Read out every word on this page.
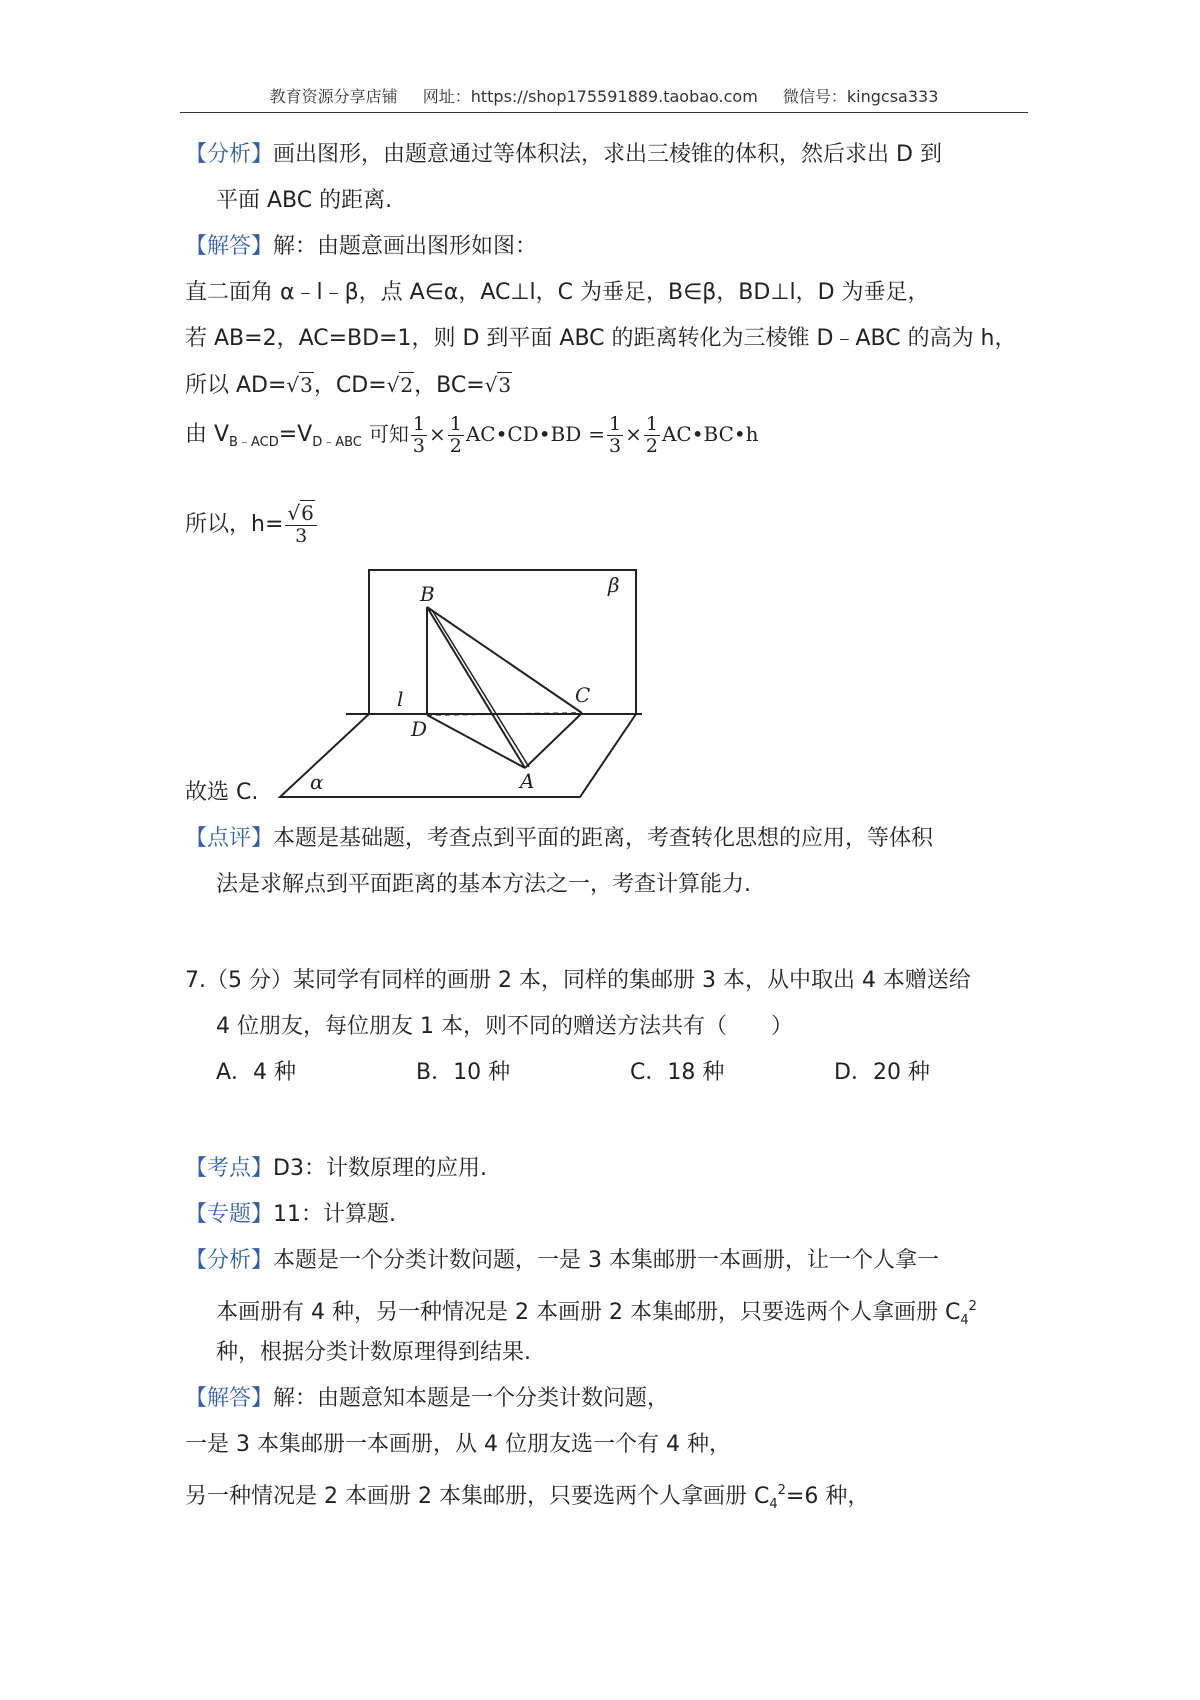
教育资源分享店铺 网址：https://shop175591889.taobao.com 微信号：kingcsa333
【分析】画出图形，由题意通过等体积法，求出三棱锥的体积，然后求出 D 到
平面 ABC 的距离.
【解答】解：由题意画出图形如图：
直二面角 α﹣l﹣β，点 A∈α，AC⊥l，C 为垂足，B∈β，BD⊥l，D 为垂足，
若 AB=2，AC=BD=1，则 D 到平面 ABC 的距离转化为三棱锥 D﹣ABC 的高为 h，
所以 AD=√3，CD=√2，BC=√3
由 $V_{B﹣ACD}=V_{D﹣ABC}$ 可知 $\frac{1}{3} \times \frac{1}{2}$ AC•CD•BD = $\frac{1}{3} \times \frac{1}{2}$ AC•BC•h
所以，$h= \frac{√6}{3}$
B	β
l	C
D
A
α
故选 C.
【点评】本题是基础题，考查点到平面的距离，考查转化思想的应用，等体积
法是求解点到平面距离的基本方法之一，考查计算能力.
7.（5 分）某同学有同样的画册 2 本，同样的集邮册 3 本，从中取出 4 本赠送给
4 位朋友，每位朋友 1 本，则不同的赠送方法共有（　　）
A．4 种	B．10 种	C．18 种	D．20 种
【考点】D3：计数原理的应用.
【专题】11：计算题.
【分析】本题是一个分类计数问题，一是 3 本集邮册一本画册，让一个人拿一
本画册有 4 种，另一种情况是 2 本画册 2 本集邮册，只要选两个人拿画册 $C_4^2$
种，根据分类计数原理得到结果.
【解答】解：由题意知本题是一个分类计数问题，
一是 3 本集邮册一本画册，从 4 位朋友选一个有 4 种，
另一种情况是 2 本画册 2 本集邮册，只要选两个人拿画册 $C_4^2=6$ 种，
